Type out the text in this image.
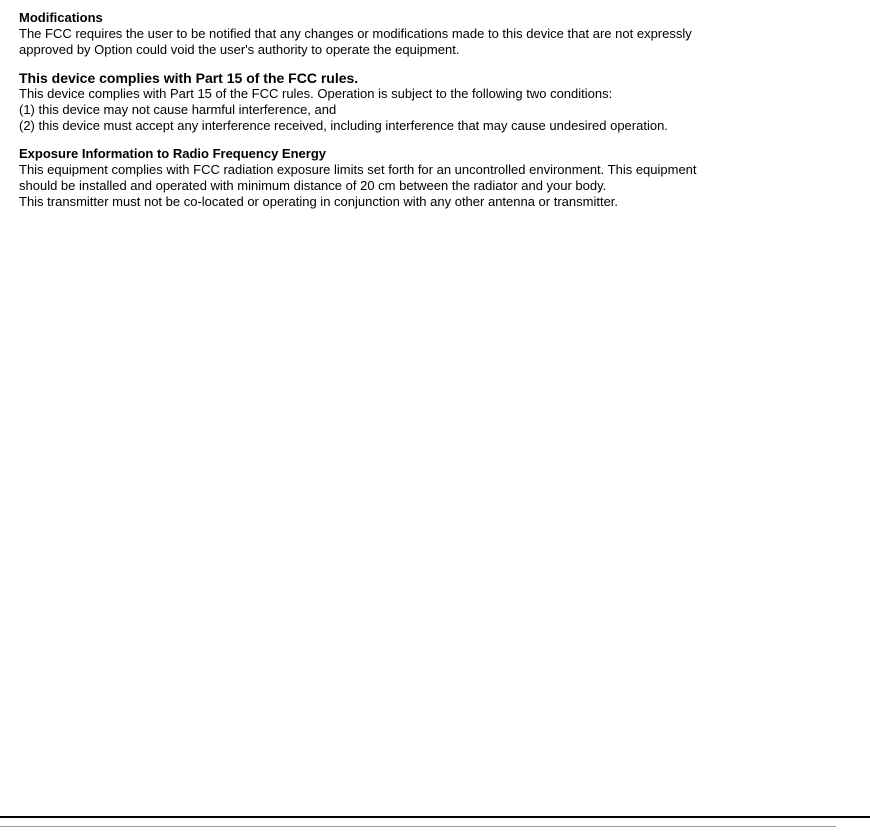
Modifications

The FCC requires the user to be notified that any changes or modifications made to this device that are not expressly

approved by Option could void the user's authority to operate the equipment.

This device complies with Part 15 of the FCC rules.

This device complies with Part 15 of the FCC rules. Operation is subject to the following two conditions:

(1) this device may not cause harmful interference, and

(2) this device must accept any interference received, including interference that may cause undesired operation.

Exposure Information to Radio Frequency Energy

This equipment complies with FCC radiation exposure limits set forth for an uncontrolled environment. This equipment

should be installed and operated with minimum distance of 20 cm between the radiator and your body.

This transmitter must not be co-located or operating in conjunction with any other antenna or transmitter.
